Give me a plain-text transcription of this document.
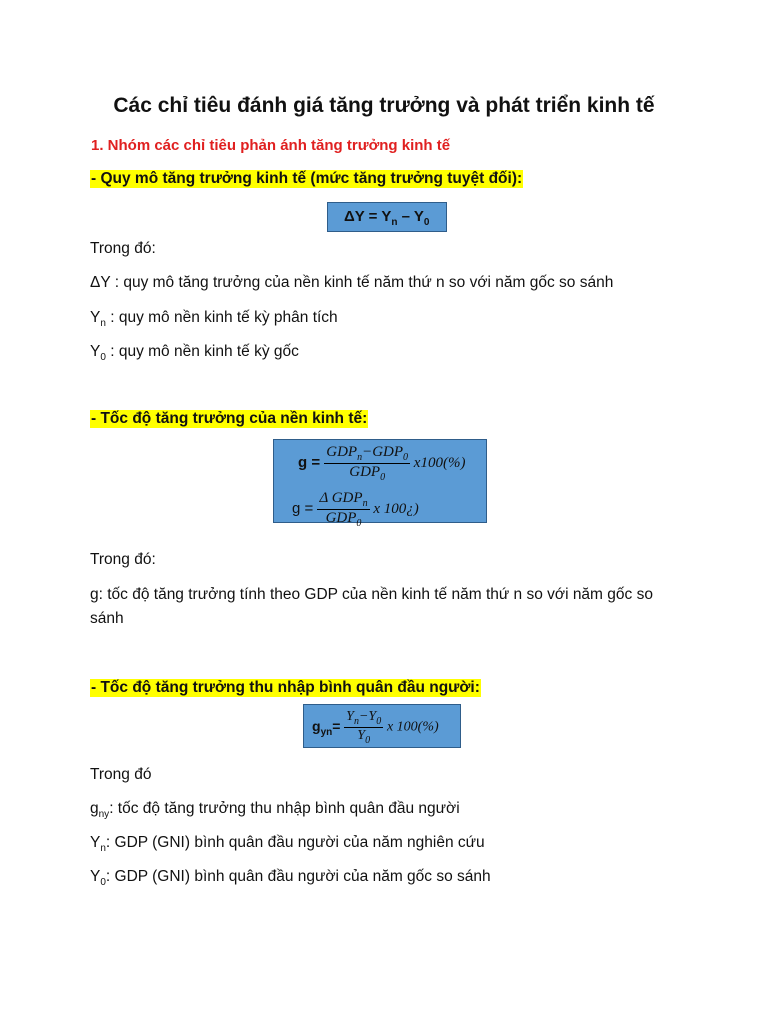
Các chỉ tiêu đánh giá tăng trưởng và phát triển kinh tế
1. Nhóm các chỉ tiêu phản ánh tăng trưởng kinh tế
- Quy mô tăng trưởng kinh tế (mức tăng trưởng tuyệt đối):
$\Delta Y = Y_n - Y_0$
Trong đó:
ΔY : quy mô tăng trưởng của nền kinh tế năm thứ n so với năm gốc so sánh
$Y_n$ : quy mô nền kinh tế kỳ phân tích
$Y_0$ : quy mô nền kinh tế kỳ gốc
- Tốc độ tăng trưởng của nền kinh tế:
$g = \frac{GDP_n-GDP_0}{GDP_0} x100(\%)$
$g = \frac{\Delta GDP_n}{GDP_0}$ x 100¿)
Trong đó:
g: tốc độ tăng trưởng tính theo GDP của nền kinh tế năm thứ n so với năm gốc so
sánh
- Tốc độ tăng trưởng thu nhập bình quân đầu người:
$g_{yn}= \frac{Y_n-Y_0}{Y_0}$ x 100(%)
Trong đó
$g_{ny}$: tốc độ tăng trưởng thu nhập bình quân đầu người
$Y_n$: GDP (GNI) bình quân đầu người của năm nghiên cứu
$Y_0$: GDP (GNI) bình quân đầu người của năm gốc so sánh
